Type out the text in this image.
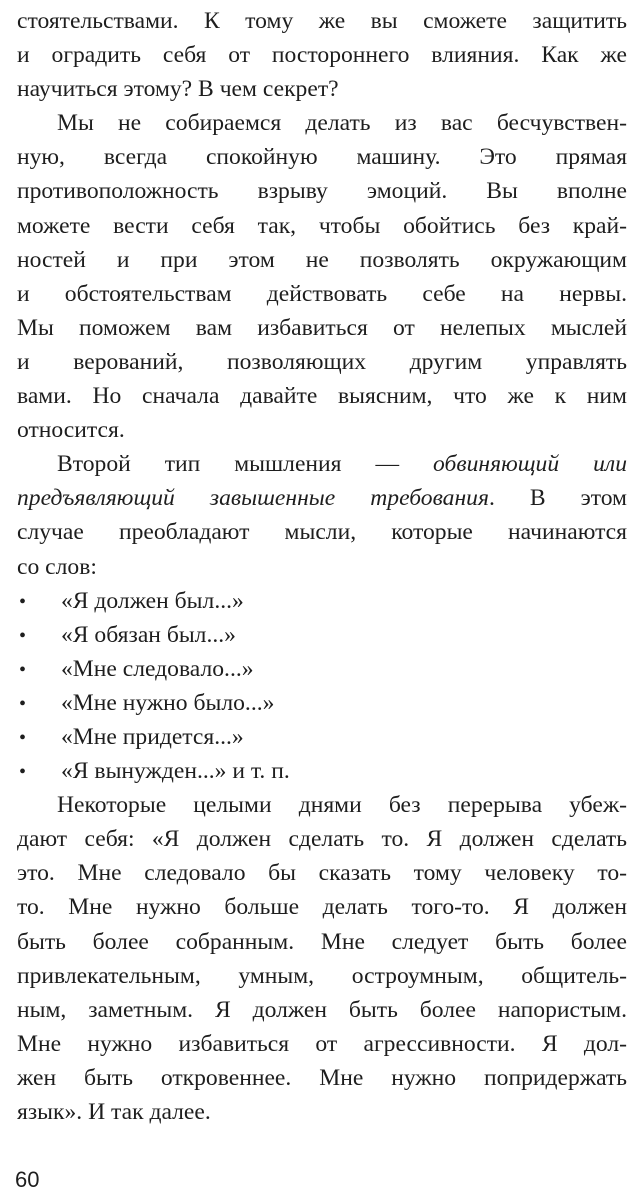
стоятельствами. К тому же вы сможете защитить
и оградить себя от постороннего влияния. Как же
научиться этому? В чем секрет?
Мы не собираемся делать из вас бесчувствен-
ную, всегда спокойную машину. Это прямая
противоположность взрыву эмоций. Вы вполне
можете вести себя так, чтобы обойтись без край-
ностей и при этом не позволять окружающим
и обстоятельствам действовать себе на нервы.
Мы поможем вам избавиться от нелепых мыслей
и верований, позволяющих другим управлять
вами. Но сначала давайте выясним, что же к ним
относится.
Второй тип мышления — обвиняющий или
предъявляющий завышенные требования. В этом
случае преобладают мысли, которые начинаются
со слов:
•	«Я должен был...»
•	«Я обязан был...»
•	«Мне следовало...»
•	«Мне нужно было...»
•	«Мне придется...»
•	«Я вынужден...» и т. п.
Некоторые целыми днями без перерыва убеж-
дают себя: «Я должен сделать то. Я должен сделать
это. Мне следовало бы сказать тому человеку то-
то. Мне нужно больше делать того-то. Я должен
быть более собранным. Мне следует быть более
привлекательным, умным, остроумным, общитель-
ным, заметным. Я должен быть более напористым.
Мне нужно избавиться от агрессивности. Я дол-
жен быть откровеннее. Мне нужно попридержать
язык». И так далее.
60
